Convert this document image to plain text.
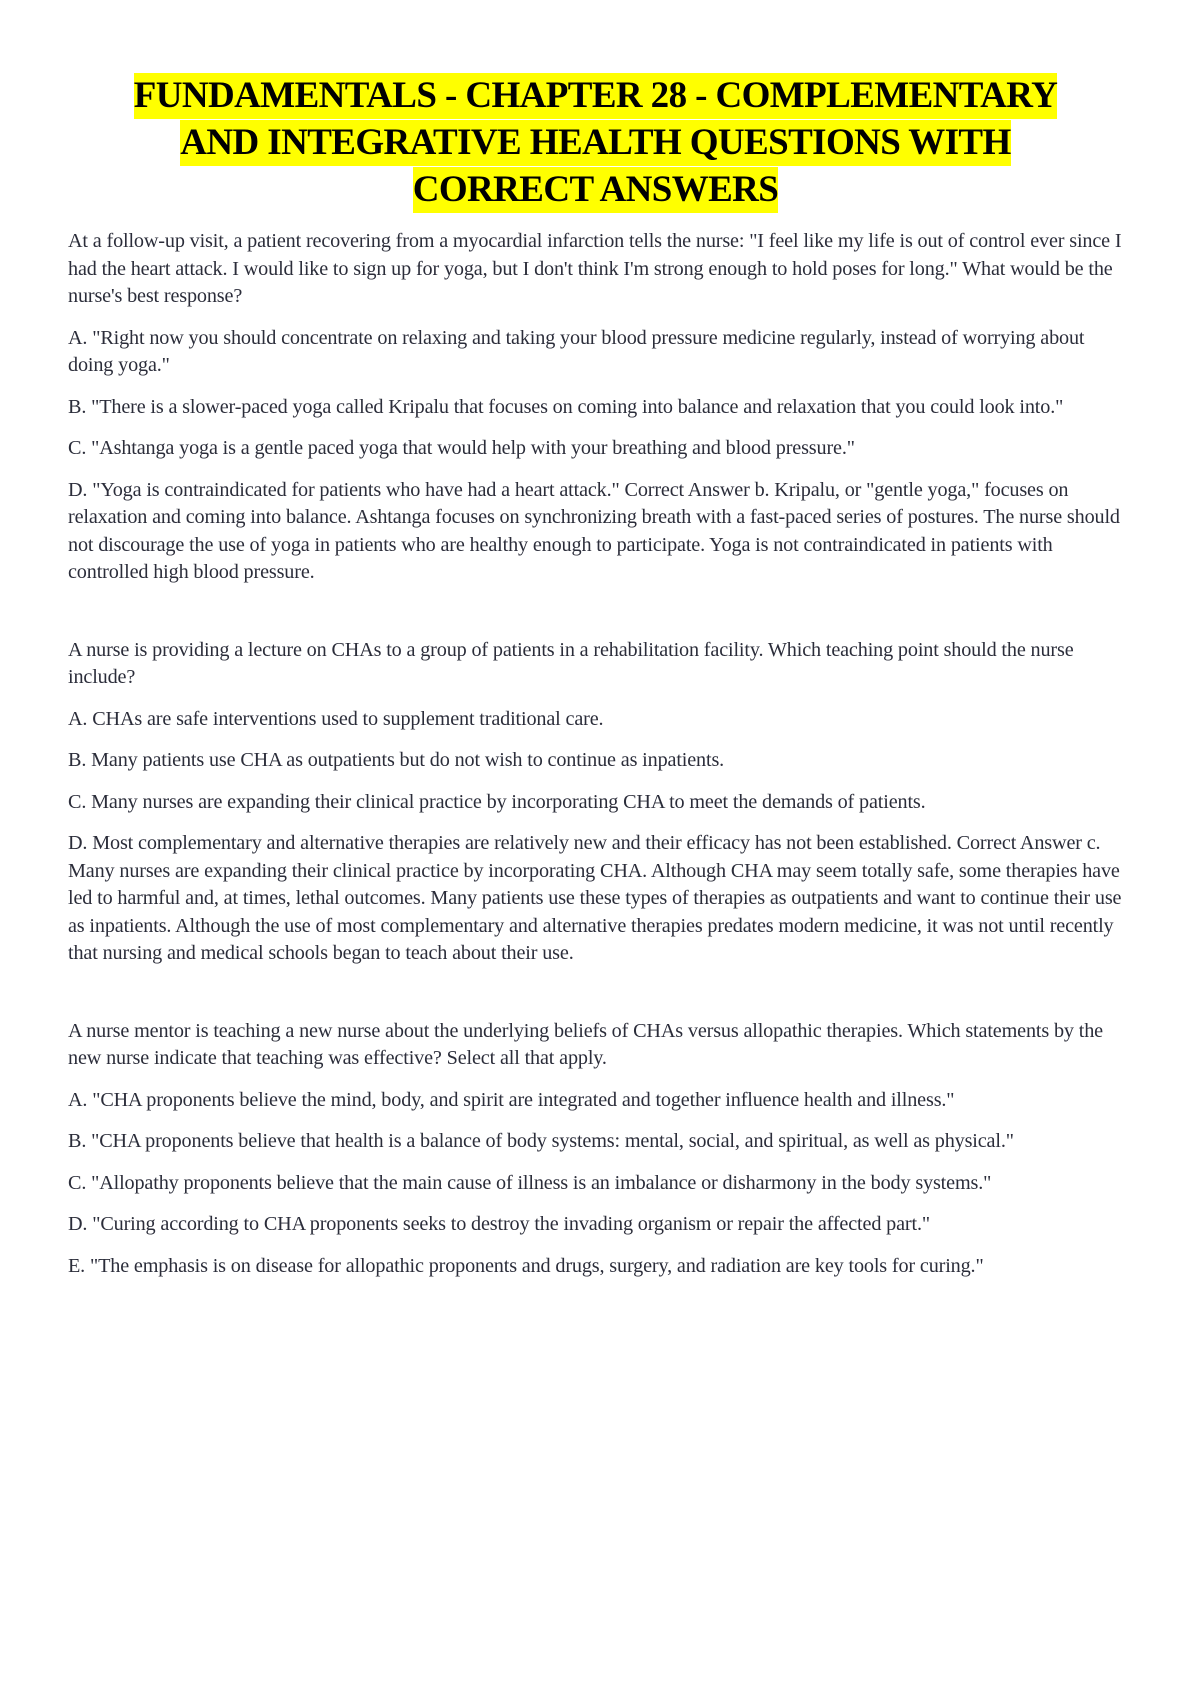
FUNDAMENTALS - CHAPTER 28 - COMPLEMENTARY
AND INTEGRATIVE HEALTH QUESTIONS WITH
CORRECT ANSWERS

At a follow-up visit, a patient recovering from a myocardial infarction tells the nurse: "I feel like my life is out of control ever since I had the heart attack. I would like to sign up for yoga, but I don't think I'm strong enough to hold poses for long." What would be the nurse's best response?

A. "Right now you should concentrate on relaxing and taking your blood pressure medicine regularly, instead of worrying about doing yoga."

B. "There is a slower-paced yoga called Kripalu that focuses on coming into balance and relaxation that you could look into."

C. "Ashtanga yoga is a gentle paced yoga that would help with your breathing and blood pressure."

D. "Yoga is contraindicated for patients who have had a heart attack." Correct Answer b. Kripalu, or "gentle yoga," focuses on relaxation and coming into balance. Ashtanga focuses on synchronizing breath with a fast-paced series of postures. The nurse should not discourage the use of yoga in patients who are healthy enough to participate. Yoga is not contraindicated in patients with controlled high blood pressure.

A nurse is providing a lecture on CHAs to a group of patients in a rehabilitation facility. Which teaching point should the nurse include?

A. CHAs are safe interventions used to supplement traditional care.

B. Many patients use CHA as outpatients but do not wish to continue as inpatients.

C. Many nurses are expanding their clinical practice by incorporating CHA to meet the demands of patients.

D. Most complementary and alternative therapies are relatively new and their efficacy has not been established. Correct Answer c. Many nurses are expanding their clinical practice by incorporating CHA. Although CHA may seem totally safe, some therapies have led to harmful and, at times, lethal outcomes. Many patients use these types of therapies as outpatients and want to continue their use as inpatients. Although the use of most complementary and alternative therapies predates modern medicine, it was not until recently that nursing and medical schools began to teach about their use.

A nurse mentor is teaching a new nurse about the underlying beliefs of CHAs versus allopathic therapies. Which statements by the new nurse indicate that teaching was effective? Select all that apply.

A. "CHA proponents believe the mind, body, and spirit are integrated and together influence health and illness."

B. "CHA proponents believe that health is a balance of body systems: mental, social, and spiritual, as well as physical."

C. "Allopathy proponents believe that the main cause of illness is an imbalance or disharmony in the body systems."

D. "Curing according to CHA proponents seeks to destroy the invading organism or repair the affected part."

E. "The emphasis is on disease for allopathic proponents and drugs, surgery, and radiation are key tools for curing."
